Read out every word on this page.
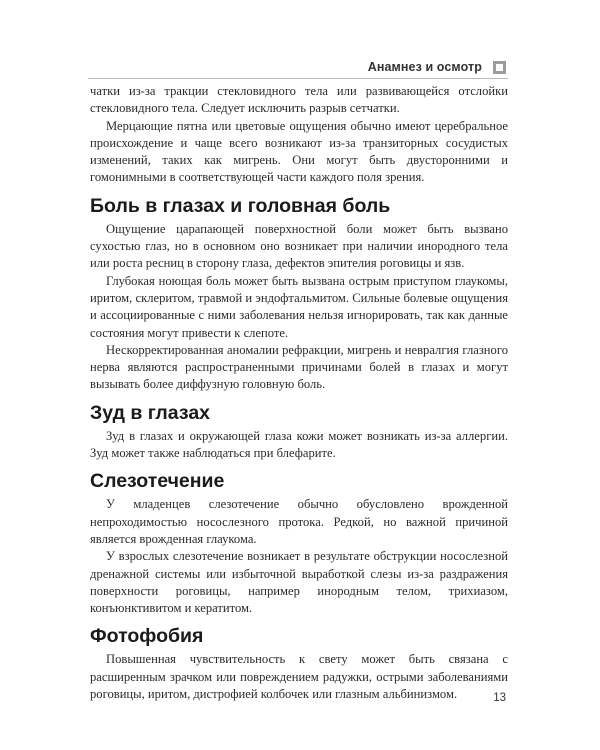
Анамнез и осмотр

чатки из-за тракции стекловидного тела или развивающейся отслойки стекловидного тела. Следует исключить разрыв сетчатки.

Мерцающие пятна или цветовые ощущения обычно имеют церебральное происхождение и чаще всего возникают из-за транзиторных сосудистых изменений, таких как мигрень. Они могут быть двусторонними и гомонимными в соответствующей части каждого поля зрения.

Боль в глазах и головная боль

Ощущение царапающей поверхностной боли может быть вызвано сухостью глаз, но в основном оно возникает при наличии инородного тела или роста ресниц в сторону глаза, дефектов эпителия роговицы и язв.

Глубокая ноющая боль может быть вызвана острым приступом глаукомы, иритом, склеритом, травмой и эндофтальмитом. Сильные болевые ощущения и ассоциированные с ними заболевания нельзя игнорировать, так как данные состояния могут привести к слепоте.

Нескорректированная аномалии рефракции, мигрень и невралгия глазного нерва являются распространенными причинами болей в глазах и могут вызывать более диффузную головную боль.

Зуд в глазах

Зуд в глазах и окружающей глаза кожи может возникать из-за аллергии. Зуд может также наблюдаться при блефарите.

Слезотечение

У младенцев слезотечение обычно обусловлено врожденной непроходимостью носослезного протока. Редкой, но важной причиной является врожденная глаукома.

У взрослых слезотечение возникает в результате обструкции носослезной дренажной системы или избыточной выработкой слезы из-за раздражения поверхности роговицы, например инородным телом, трихиазом, конъюнктивитом и кератитом.

Фотофобия

Повышенная чувствительность к свету может быть связана с расширенным зрачком или повреждением радужки, острыми заболеваниями роговицы, иритом, дистрофией колбочек или глазным альбинизмом.	13
